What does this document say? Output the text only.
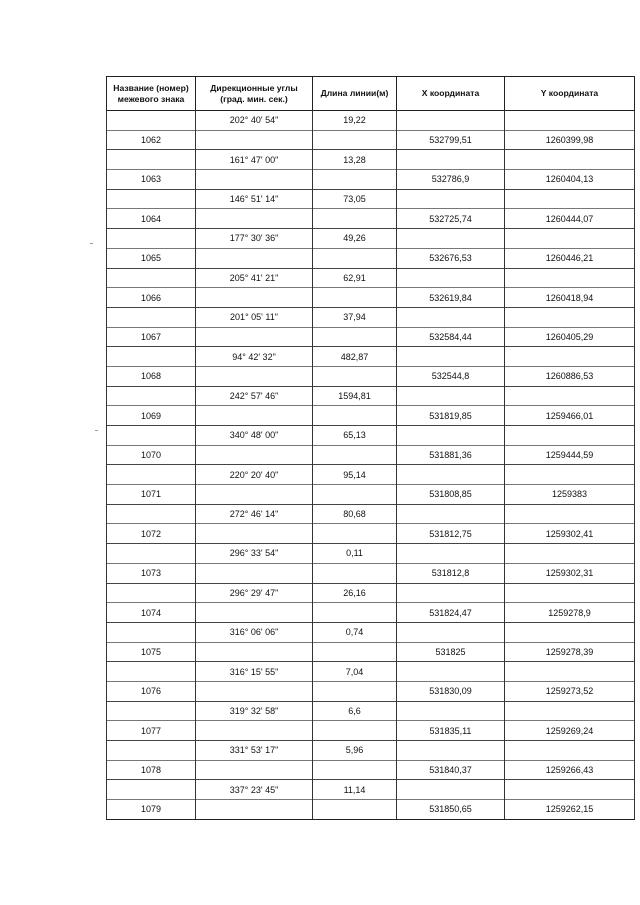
Название (номер) межевого знака	Дирекционные углы (град. мин. сек.)	Длина линии(м)	X координата	Y координата
	202° 40' 54"	19,22		
1062			532799,51	1260399,98
	161° 47' 00"	13,28		
1063			532786,9	1260404,13
	146° 51' 14"	73,05		
1064			532725,74	1260444,07
	177° 30' 36"	49,26		
1065			532676,53	1260446,21
	205° 41' 21"	62,91		
1066			532619,84	1260418,94
	201° 05' 11"	37,94		
1067			532584,44	1260405,29
	94° 42' 32"	482,87		
1068			532544,8	1260886,53
	242° 57' 46"	1594,81		
1069			531819,85	1259466,01
	340° 48' 00"	65,13		
1070			531881,36	1259444,59
	220° 20' 40"	95,14		
1071			531808,85	1259383
	272° 46' 14"	80,68		
1072			531812,75	1259302,41
	296° 33' 54"	0,11		
1073			531812,8	1259302,31
	296° 29' 47"	26,16		
1074			531824,47	1259278,9
	316° 06' 06"	0,74		
1075			531825	1259278,39
	316° 15' 55"	7,04		
1076			531830,09	1259273,52
	319° 32' 58"	6,6		
1077			531835,11	1259269,24
	331° 53' 17"	5,96		
1078			531840,37	1259266,43
	337° 23' 45"	11,14		
1079			531850,65	1259262,15
